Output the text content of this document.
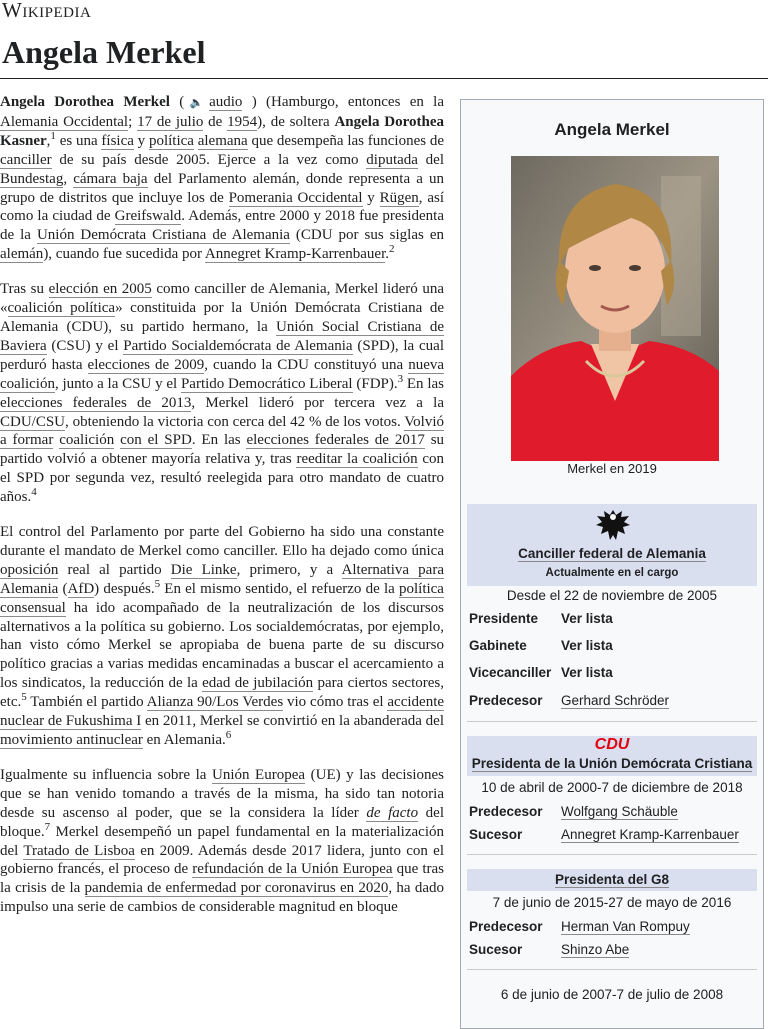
Wikipedia
Angela Merkel

Angela Dorothea Merkel (🔈audio ) (Hamburgo, entonces en la Alemania Occidental; 17 de julio de 1954), de soltera Angela Dorothea Kasner,$^1$ es una física y política alemana que desempeña las funciones de canciller de su país desde 2005. Ejerce a la vez como diputada del Bundestag, cámara baja del Parlamento alemán, donde representa a un grupo de distritos que incluye los de Pomerania Occidental y Rügen, así como la ciudad de Greifswald. Además, entre 2000 y 2018 fue presidenta de la Unión Demócrata Cristiana de Alemania (CDU por sus siglas en alemán), cuando fue sucedida por Annegret Kramp-Karrenbauer.$^2$

Tras su elección en 2005 como canciller de Alemania, Merkel lideró una «coalición política» constituida por la Unión Demócrata Cristiana de Alemania (CDU), su partido hermano, la Unión Social Cristiana de Baviera (CSU) y el Partido Socialdemócrata de Alemania (SPD), la cual perduró hasta elecciones de 2009, cuando la CDU constituyó una nueva coalición, junto a la CSU y el Partido Democrático Liberal (FDP).$^3$ En las elecciones federales de 2013, Merkel lideró por tercera vez a la CDU/CSU, obteniendo la victoria con cerca del 42 % de los votos. Volvió a formar coalición con el SPD. En las elecciones federales de 2017 su partido volvió a obtener mayoría relativa y, tras reeditar la coalición con el SPD por segunda vez, resultó reelegida para otro mandato de cuatro años.$^4$

El control del Parlamento por parte del Gobierno ha sido una constante durante el mandato de Merkel como canciller. Ello ha dejado como única oposición real al partido Die Linke, primero, y a Alternativa para Alemania (AfD) después.$^5$ En el mismo sentido, el refuerzo de la política consensual ha ido acompañado de la neutralización de los discursos alternativos a la política su gobierno. Los socialdemócratas, por ejemplo, han visto cómo Merkel se apropiaba de buena parte de su discurso político gracias a varias medidas encaminadas a buscar el acercamiento a los sindicatos, la reducción de la edad de jubilación para ciertos sectores, etc.$^5$ También el partido Alianza 90/Los Verdes vio cómo tras el accidente nuclear de Fukushima I en 2011, Merkel se convirtió en la abanderada del movimiento antinuclear en Alemania.$^6$

Igualmente su influencia sobre la Unión Europea (UE) y las decisiones que se han venido tomando a través de la misma, ha sido tan notoria desde su ascenso al poder, que se la considera la líder de facto del bloque.$^7$ Merkel desempeñó un papel fundamental en la materialización del Tratado de Lisboa en 2009. Además desde 2017 lidera, junto con el gobierno francés, el proceso de refundación de la Unión Europea que tras la crisis de la pandemia de enfermedad por coronavirus en 2020, ha dado impulso una serie de cambios de considerable magnitud en bloque

Angela Merkel
Merkel en 2019
Canciller federal de Alemania
Actualmente en el cargo
Desde el 22 de noviembre de 2005
Presidente Ver lista
Gabinete	Ver lista
Vicecanciller Ver lista
Predecesor Gerhard Schröder
CDU
Presidenta de la Unión Demócrata Cristiana
10 de abril de 2000-7 de diciembre de 2018
Predecesor Wolfgang Schäuble
Sucesor	Annegret Kramp-Karrenbauer
Presidenta del G8
7 de junio de 2015-27 de mayo de 2016
Predecesor Herman Van Rompuy
Sucesor	Shinzo Abe
6 de junio de 2007-7 de julio de 2008
